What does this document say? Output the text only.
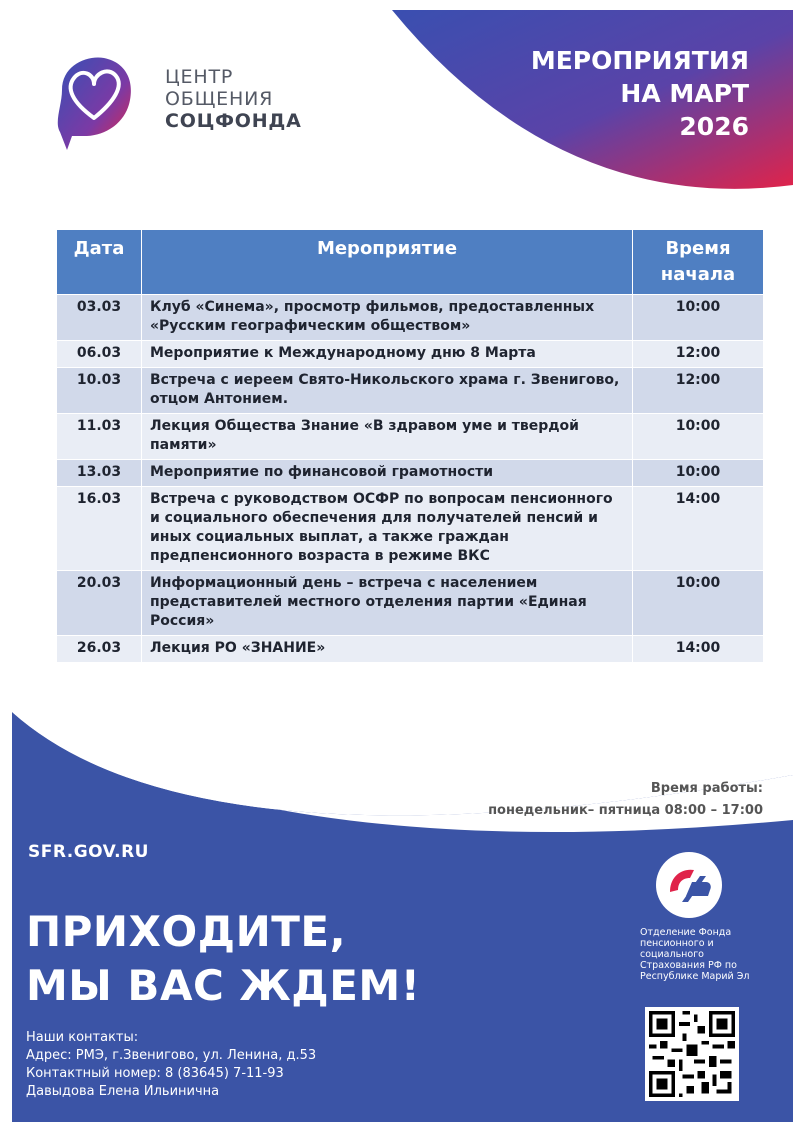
ЦЕНТР
ОБЩЕНИЯ
СОЦФОНДА
МЕРОПРИЯТИЯ
НА МАРТ
2026
Дата	Мероприятие	Время начала
03.03	Клуб «Синема», просмотр фильмов, предоставленных «Русским географическим обществом»	10:00
06.03	Мероприятие к Международному дню 8 Марта	12:00
10.03	Встреча с иереем Свято-Никольского храма г. Звенигово, отцом Антонием.	12:00
11.03	Лекция Общества Знание «В здравом уме и твердой памяти»	10:00
13.03	Мероприятие по финансовой грамотности	10:00
16.03	Встреча с руководством ОСФР по вопросам пенсионного и социального обеспечения для получателей пенсий и иных социальных выплат, а также граждан предпенсионного возраста в режиме ВКС	14:00
20.03	Информационный день – встреча с населением представителей местного отделения партии «Единая Россия»	10:00
26.03	Лекция РО «ЗНАНИЕ»	14:00
Время работы:
понедельник– пятница 08:00 – 17:00
SFR.GOV.RU
ПРИХОДИТЕ,
МЫ ВАС ЖДЕМ!
Наши контакты:
Адрес: РМЭ, г.Звенигово, ул. Ленина, д.53
Контактный номер: 8 (83645) 7-11-93
Давыдова Елена Ильинична
Отделение Фонда пенсионного и социального Страхования РФ по Республике Марий Эл
